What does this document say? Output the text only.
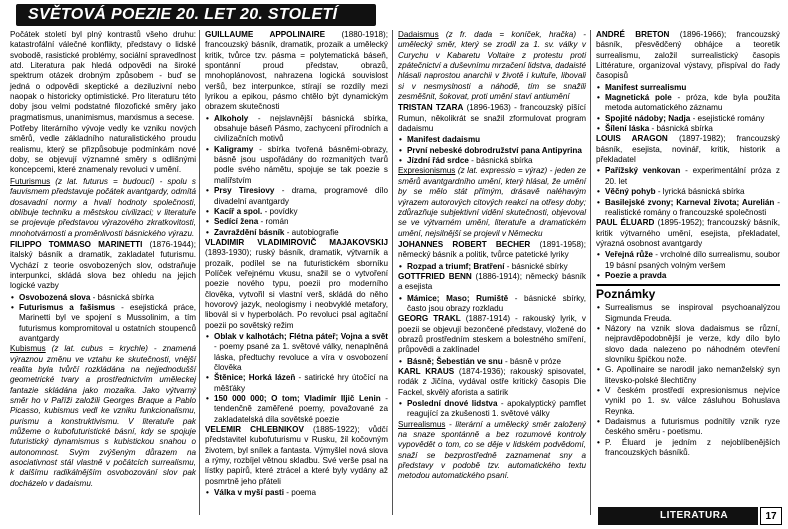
SVĚTOVÁ POEZIE 20. LET 20. STOLETÍ

Počátek století byl plný kontrastů všeho druhu: katastrofální válečné konflikty, představy o lidské svobodě, rasistické problémy, sociální spravedlnost atd. Literatura pak hledá odpovědi na široké spektrum otázek drobným způsobem - buď se jedná o odpovědi skeptické a deziluzivní nebo naopak o historicky optimistické. Pro literaturu této doby jsou velmi podstatné filozofické směry jako pragmatismus, unanimismus, marxismus a secese.

Potřeby literárního vývoje vedly ke vzniku nových směrů, vedle základního naturalistického proudu realismu, který se přizpůsobuje podmínkám nové doby, se objevují významné směry s odlišnými koncepcemi, které znamenaly revoluci v umění.

Futurismus (z lat. futurus = budoucí) - spolu s fauvismem představuje počátek avantgardy, odmítá dosavadní normy a hvalí hodnoty společnosti, oblíbuje techniku a městskou civilizaci; v literatuře se projevuje představou výrazového zkratkovitosti, mnohotvárnosti a proměnlivosti básnického výrazu.

FILIPPO TOMMASO MARINETTI (1876-1944); italský básník a dramatik, zakladatel futurismu. Vychází z teorie osvobozených slov, odstraňuje interpunkci, skládá slova bez ohledu na jejich logické vazby

• Osvobozená slova - básnická sbírka
• Futurismus a fašismus - esejistická práce, Marinetti byl ve spojení s Mussolinim, a tím futurismus kompromitoval u ostatních stoupenců avantgardy

Kubismus (z lat. cubus = krychle) - znamená výraznou změnu ve vztahu ke skutečnosti, vnější realita byla tvůrčí rozkládána na nejjednodušší geometrické tvary a prostřednictvím uměleckej fantazie skládána jako mozaika. Jako výtvarný směr ho v Paříži založili Georges Braque a Pablo Picasso, kubismus vedl ke vzniku funkcionalismu, purismu a konstruktivismu. V literatuře pak můžeme o kubofuturistické básní, kdy se spojuje futuristický dynamismus s kubistickou snahou o autonomnost. Svým zvýšeným důrazem na asociativnost stál vlastně v počátcích surrealismu, k dalšímu radikálnějším osvobozování slov pak docházelo v dadaismu.

GUILLAUME APPOLINAIRE (1880-1918); francouzský básník, dramatik, prozaik a umělecký kritik, tvůrce tzv. pásma = polytematická báseň, spontánní proud představ, obrazů, mnohoplánovost, nahrazena logická souvislost veršů, bez interpunkce, stírají se rozdíly mezi lyrikou a epikou, pásmo chtělo být dynamickým obrazem skutečnosti

• Alkoholy - nejslavnější básnická sbírka, obsahuje báseň Pásmo, zachycení přírodních a civilizačních motivů
• Kaligramy - sbírka tvořená básněmi-obrazy, básně jsou uspořádány do rozmanitých tvarů podle svého námětu, spojuje se tak poezie s malířstvím
• Prsy Tiresiovy - drama, programové dílo divadelní avantgardy
• Kacíř a spol. - povídky
• Sedící žena - román
• Zavraždění básník - autobiografie

VLADIMIR VLADIMIROVIČ MAJAKOVSKIJ (1893-1930); ruský básník, dramatik, výtvarník a prozaik, podílel se na futuristickém sborníku Políček veřejnému vkusu, snažil se o vytvoření poezie nového typu, poezii pro moderního člověka, vytvořil si vlastní verš, skládá do něho hovorový jazyk, neologismy i neobvyklé metafory, libovál si v hyperbolách. Po revoluci psal agitační poezii po sovětský režim

• Oblak v kalhotách; Flétna páteř; Vojna a svět - poemy psané za 1. světové války, nenaplněná láska, předtuchy revoluce a víra v osvobození člověka
• Štěnice; Horká lázeň - satirické hry útočící na měšťáky
• 150 000 000; O tom; Vladimír Iljič Lenin - tendenčně zaměřené poemy, považované za zakladatelská díla sovětské poezie

VELEMIR CHLEBNIKOV (1885-1922); vůdčí představitel kubofuturismu v Rusku, žil kočovným životem, byl snílek a fantasta. Výmyšlel nová slova a rýmy, rozbíjel větnou skladbu. Své verše psal na lístky papírů, které ztrácel a které byly vydány až posmrtně jeho přáteli

• Válka v myší pasti - poema

Dadaismus (z fr. dada = koníček, hračka) - umělecký směr, který se zrodil za 1. sv. války v Curychu v Kabaretu Voltaire z protestu proti zpátečnictví a duševnímu mrzačení lidstva, dadaisté hlásali naprostou anarchii v životě i kultuře, libovali si v nesmyslnosti a náhodě, tím se snažili zesměšnit, šokovat, proti umění staví antiumění

TRISTAN TZARA (1896-1963) - francouzský píšící Rumun, několikrát se snažil zformulovat program dadaismu

• Manifest dadaismu
• První nebeské dobrodružství pana Antipyrina
• Jízdní řád srdce - básnická sbírka

Expresionismus (z lat. expressio = výraz) - jeden ze směrů avantgardního umění, který hlásal, že umění by se mělo stát přímým, drásavě naléhavým výrazem autorových citových reakcí na otřesy doby; zdůrazňuje subjektivní vidění skutečnosti, objevoval se ve výtvarném umění, literatuře a dramatickém umění, nejsilnější se projevil v Německu

JOHANNES ROBERT BECHER (1891-1958); německý básník a politik, tvůrce patetické lyriky

• Rozpad a triumf; Bratření - básnické sbírky

GOTTFRIED BENN (1886-1914); německý básník a esejista

• Mámice; Maso; Rumiště - básnické sbírky, často jsou obrazy rozkladu

GEORG TRAKL (1887-1914) - rakouský lyrik, v poezii se objevují bezončené představy, vložené do obrazů prostředním steskem a bolestného smíření, průpovědi a zaklínadel

• Básně; Šebestián ve snu - básně v próze

KARL KRAUS (1874-1936); rakouský spisovatel, rodák z Jičína, vydával ostře kritický časopis Die Fackel, skvělý aforista a satirik

• Poslední dnové lidstva - apokalyptický pamflet reagující za zkušenosti 1. světové války

Surrealismus - literární a umělecký směr založený na snaze spontánně a bez rozumové kontroly vypovědět o tom, co se děje v lidském podvědomí, snaží se bezprostředně zaznamenat sny a představy v podobě tzv. automatického textu metodou automatického psaní.

ANDRÉ BRETON (1896-1966); francouzský básník, přesvědčený obhájce a teoretik surrealismu, založil surrealistický časopis Littérature, organizoval výstavy, přispíval do řady časopisů

• Manifest surrealismu
• Magnetická pole - próza, kde byla použita metoda automatického záznamu
• Spojité nádoby; Nadja - esejistické romány
• Šílení láska - básnická sbírka

LOUIS ARAGON (1897-1982); francouzský básník, esejista, novinář, kritik, historik a překladatel

• Pařížský venkovan - experimentální próza z 20. let
• Věčný pohyb - lyrická básnická sbírka
• Basilejské zvony; Karneval života; Aurelián - realistické romány o francouzské společnosti

PAUL ÉLUARD (1895-1952); francouzský básník, kritik výtvarného umění, esejista, překladatel, výrazná osobnost avantgardy

• Veřejná růže - vrcholné dílo surrealismu, soubor 19 básní psaných volným veršem
• Poezie a pravda
Poznámky
• Surrealismus se inspiroval psychoanalýzou Sigmunda Freuda.
• Názory na vznik slova dadaismus se různí, nejpravděpodobnější je verze, kdy dílo bylo slovo dada nalezeno po náhodném otevření slovníku špičkou nože.
• G. Apollinaire se narodil jako nemanželský syn litevsko-polské šlechtičny
• V českém prostředí expresionismus nejvíce vynikl po 1. sv. válce zásluhou Bohuslava Reynka.
• Dadaismus a futurismus podnítily vznik ryze českého směru - poetismu.
• P. Éluard je jedním z nejoblíbenějších francouzských básníků.
LITERATURA	17
